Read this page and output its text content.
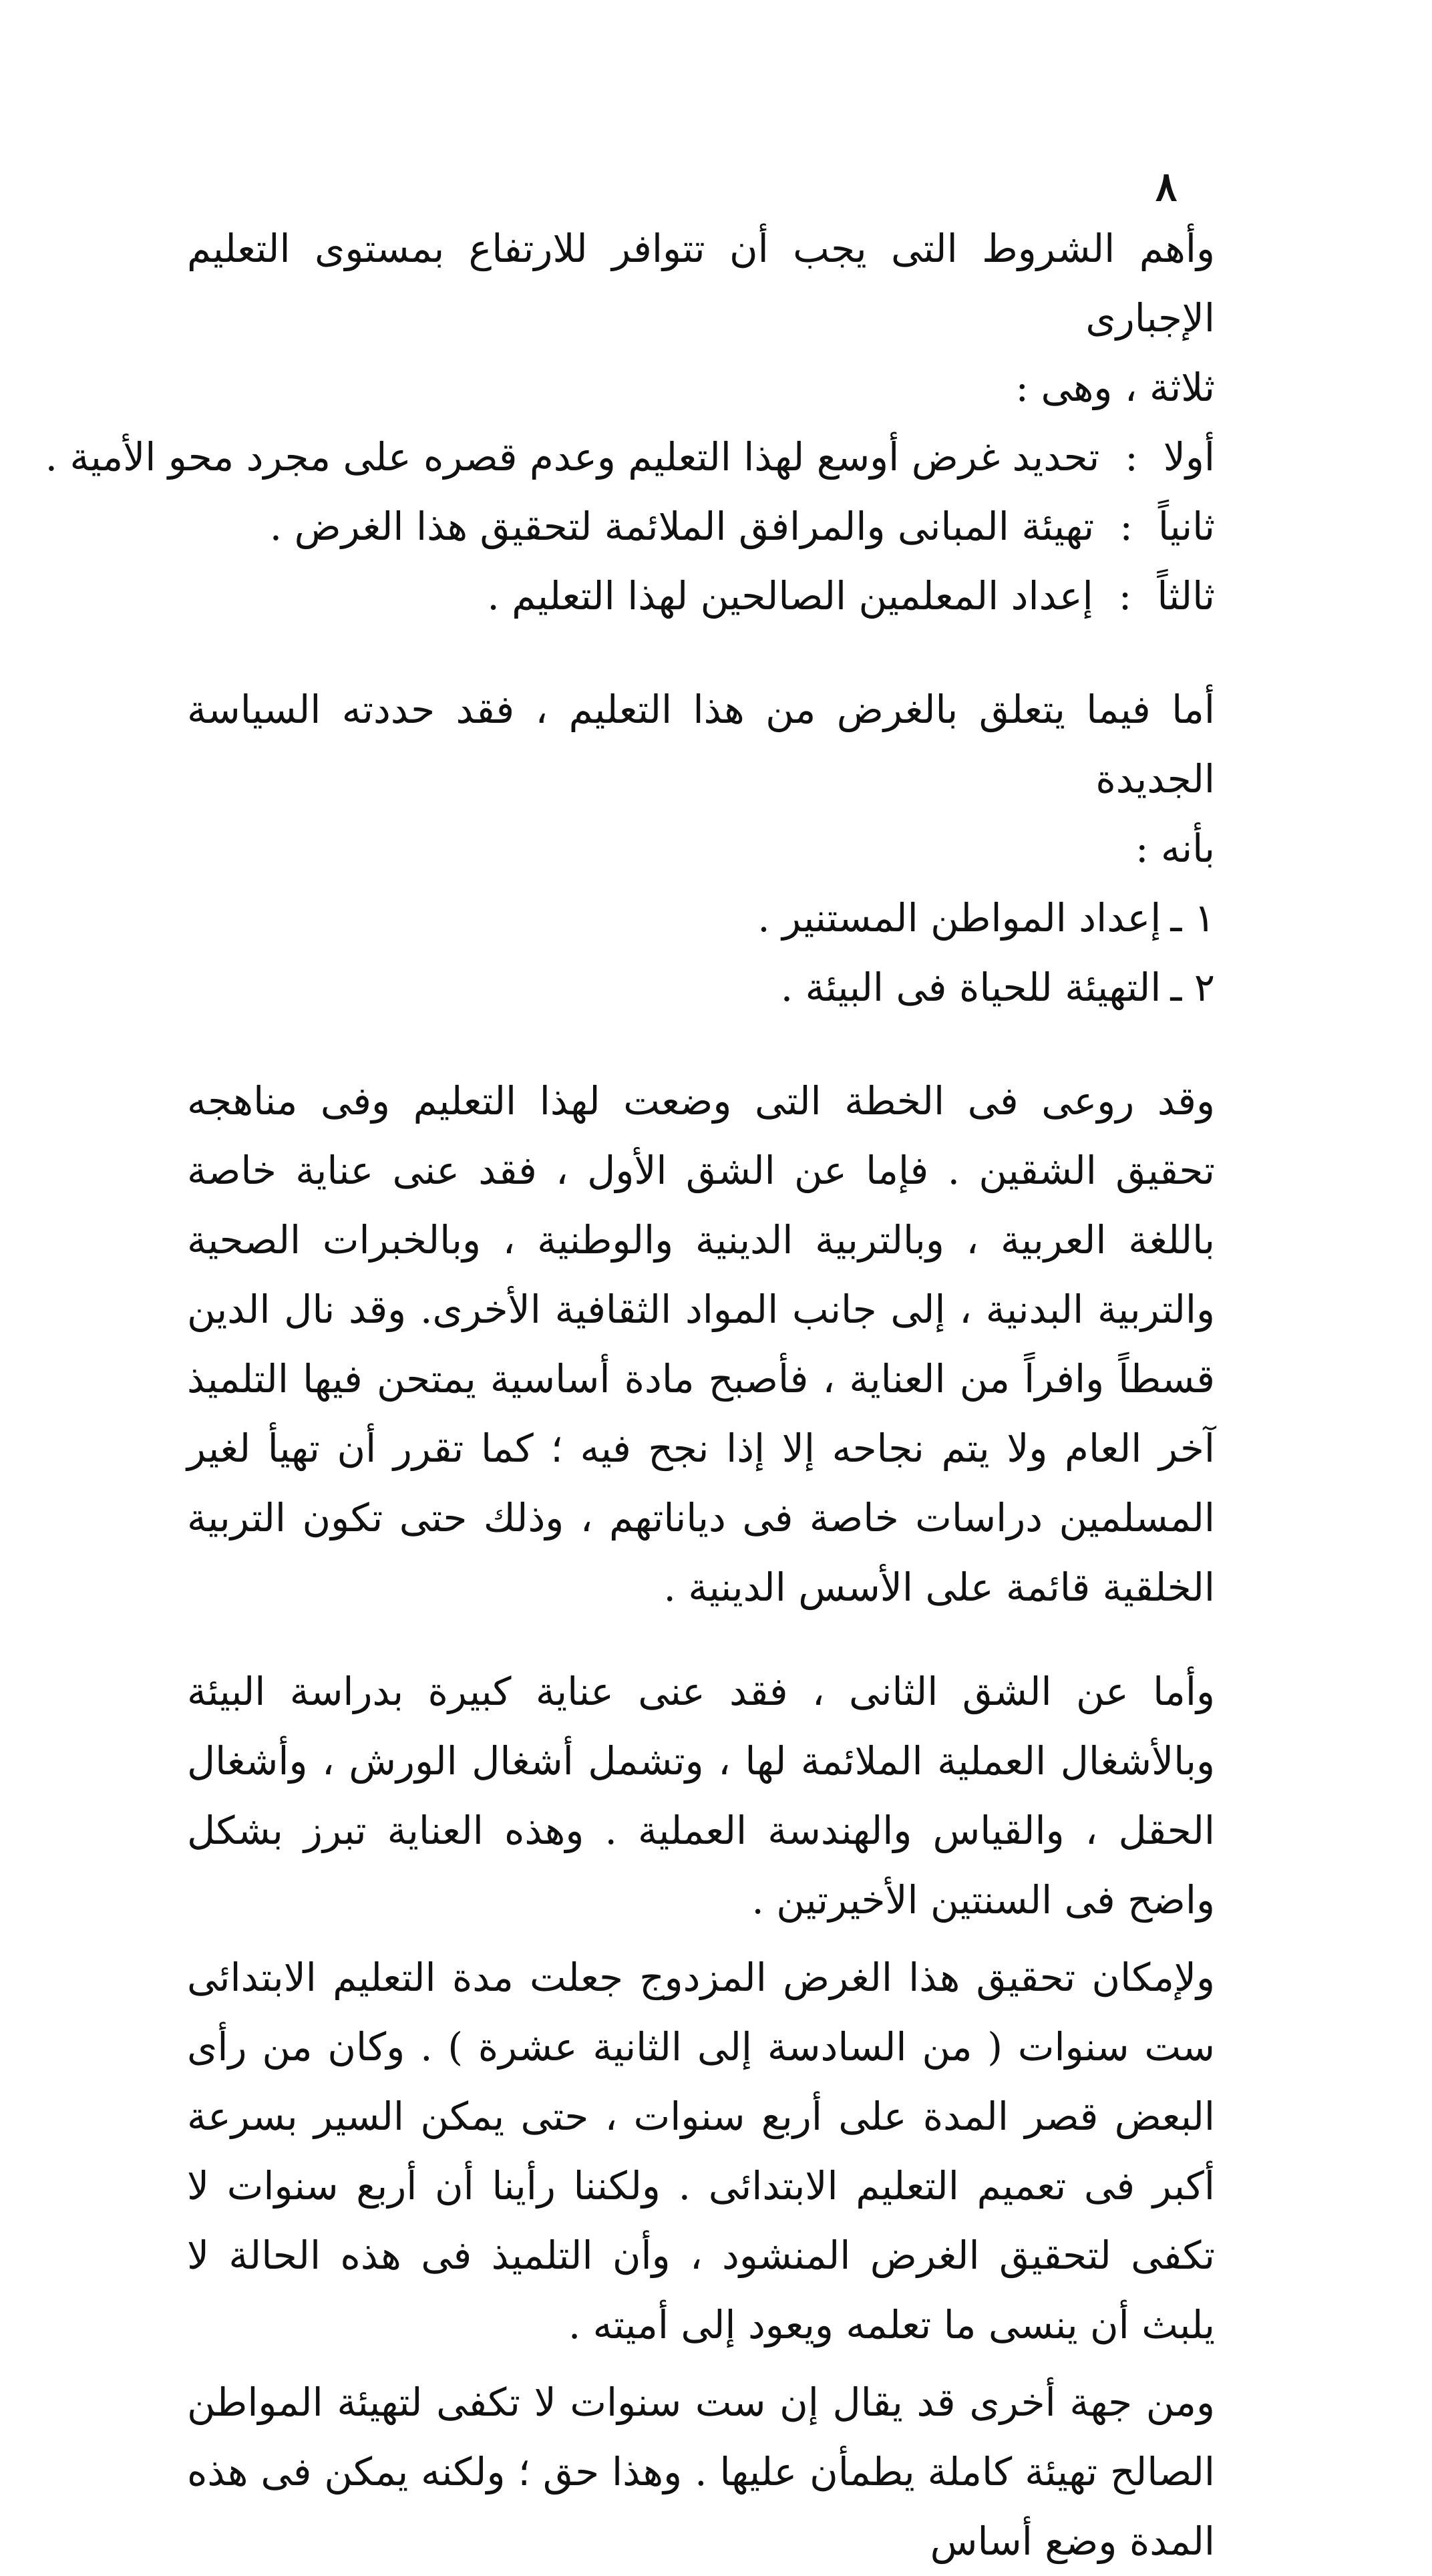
٨

وأهم الشروط التى يجب أن تتوافر للارتفاع بمستوى التعليم الإجبارى

ثلاثة ، وهى :

أولا
:
تحديد غرض أوسع لهذا التعليم وعدم قصره على مجرد محو الأمية .
ثانياً
:
تهيئة المبانى والمرافق الملائمة لتحقيق هذا الغرض .
ثالثاً
:
إعداد المعلمين الصالحين لهذا التعليم .

أما فيما يتعلق بالغرض من هذا التعليم ، فقد حددته السياسة الجديدة

بأنه :

١ ـ
إعداد المواطن المستنير .
٢ ـ
التهيئة للحياة فى البيئة .

وقد روعى فى الخطة التى وضعت لهذا التعليم وفى مناهجه تحقيق الشقين . فإما عن الشق الأول ، فقد عنى عناية خاصة باللغة العربية ، وبالتربية الدينية والوطنية ، وبالخبرات الصحية والتربية البدنية ، إلى جانب المواد الثقافية الأخرى. وقد نال الدين قسطاً وافراً من العناية ، فأصبح مادة أساسية يمتحن فيها التلميذ آخر العام ولا يتم نجاحه إلا إذا نجح فيه ؛ كما تقرر أن تهيأ لغير المسلمين دراسات خاصة فى دياناتهم ، وذلك حتى تكون التربية الخلقية قائمة على الأسس الدينية .

وأما عن الشق الثانى ، فقد عنى عناية كبيرة بدراسة البيئة وبالأشغال العملية الملائمة لها ، وتشمل أشغال الورش ، وأشغال الحقل ، والقياس والهندسة العملية . وهذه العناية تبرز بشكل واضح فى السنتين الأخيرتين .

ولإمكان تحقيق هذا الغرض المزدوج جعلت مدة التعليم الابتدائى ست سنوات ( من السادسة إلى الثانية عشرة ) . وكان من رأى البعض قصر المدة على أربع سنوات ، حتى يمكن السير بسرعة أكبر فى تعميم التعليم الابتدائى . ولكننا رأينا أن أربع سنوات لا تكفى لتحقيق الغرض المنشود ، وأن التلميذ فى هذه الحالة لا يلبث أن ينسى ما تعلمه ويعود إلى أميته .

ومن جهة أخرى قد يقال إن ست سنوات لا تكفى لتهيئة المواطن الصالح تهيئة كاملة يطمأن عليها . وهذا حق ؛ ولكنه يمكن فى هذه المدة وضع أساس
